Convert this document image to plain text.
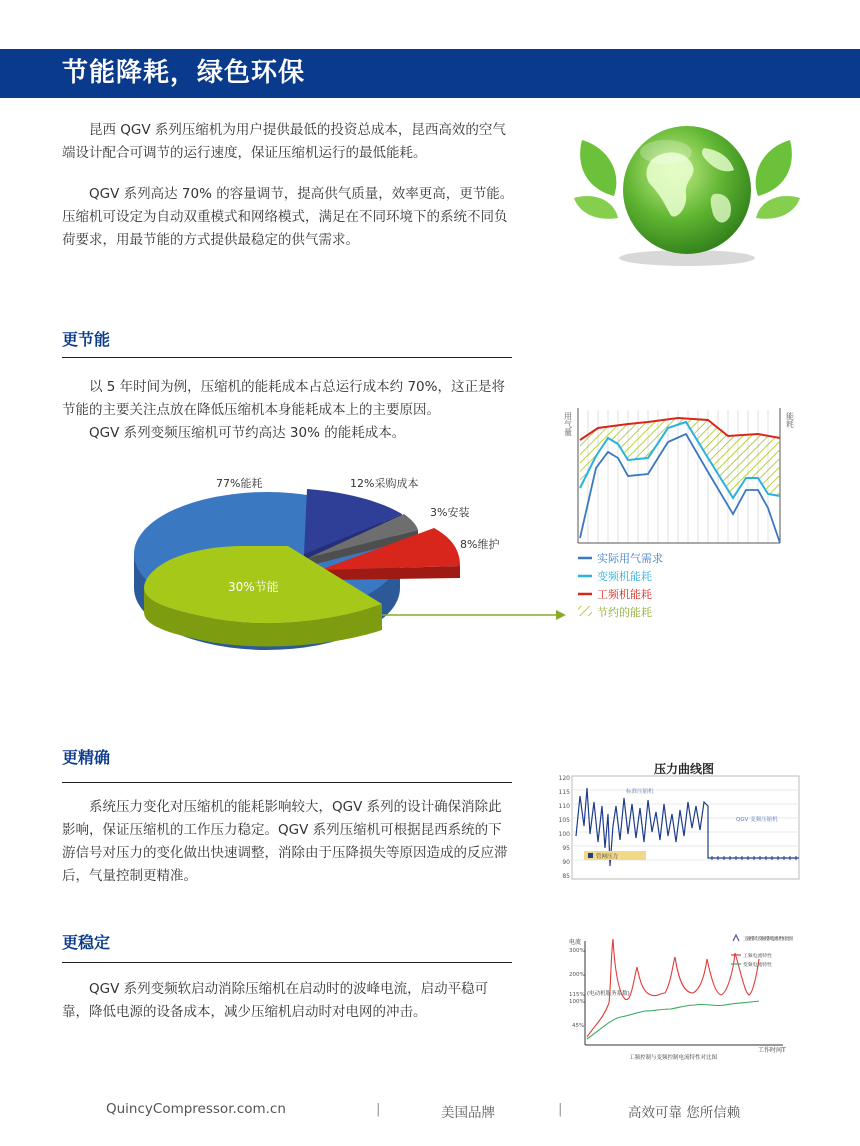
节能降耗，绿色环保

昆西 QGV 系列压缩机为用户提供最低的投资总成本，昆西高效的空气端设计配合可调节的运行速度，保证压缩机运行的最低能耗。

QGV 系列高达 70% 的容量调节，提高供气质量，效率更高，更节能。压缩机可设定为自动双重模式和网络模式，满足在不同环境下的系统不同负荷要求，用最节能的方式提供最稳定的供气需求。

更节能

以 5 年时间为例，压缩机的能耗成本占总运行成本约 70%，这正是将节能的主要关注点放在降低压缩机本身能耗成本上的主要原因。

QGV 系列变频压缩机可节约高达 30% 的能耗成本。

77%能耗	12%采购成本
3%安装
8%维护
30%节能
用气量	能耗
实际用气需求
变频机能耗
工频机能耗
节约的能耗
更精确

系统压力变化对压缩机的能耗影响较大，QGV 系列的设计确保消除此影响，保证压缩机的工作压力稳定。QGV 系列压缩机可根据昆西系统的下游信号对压力的变化做出快速调整，消除由于压降损失等原因造成的反应滞后，气量控制更精准。

压力曲线图
120
115
110
105
100
95
90
85
标准压缩机
QGV 变频压缩机
管网压力
更稳定

QGV 系列变频软启动消除压缩机在启动时的波峰电流，启动平稳可靠，降低电源的设备成本，减少压缩机启动时对电网的冲击。

电流
工作时间T
300%
200%
115%
100%
45%
(电动机服务系数)
工频控制与变频控制电流特性对比图
工频电流特性
变频电流特性
工频控制与变频控制电流特性对比图
QuincyCompressor.com.cn	|	美国品牌	|	高效可靠 您所信赖
